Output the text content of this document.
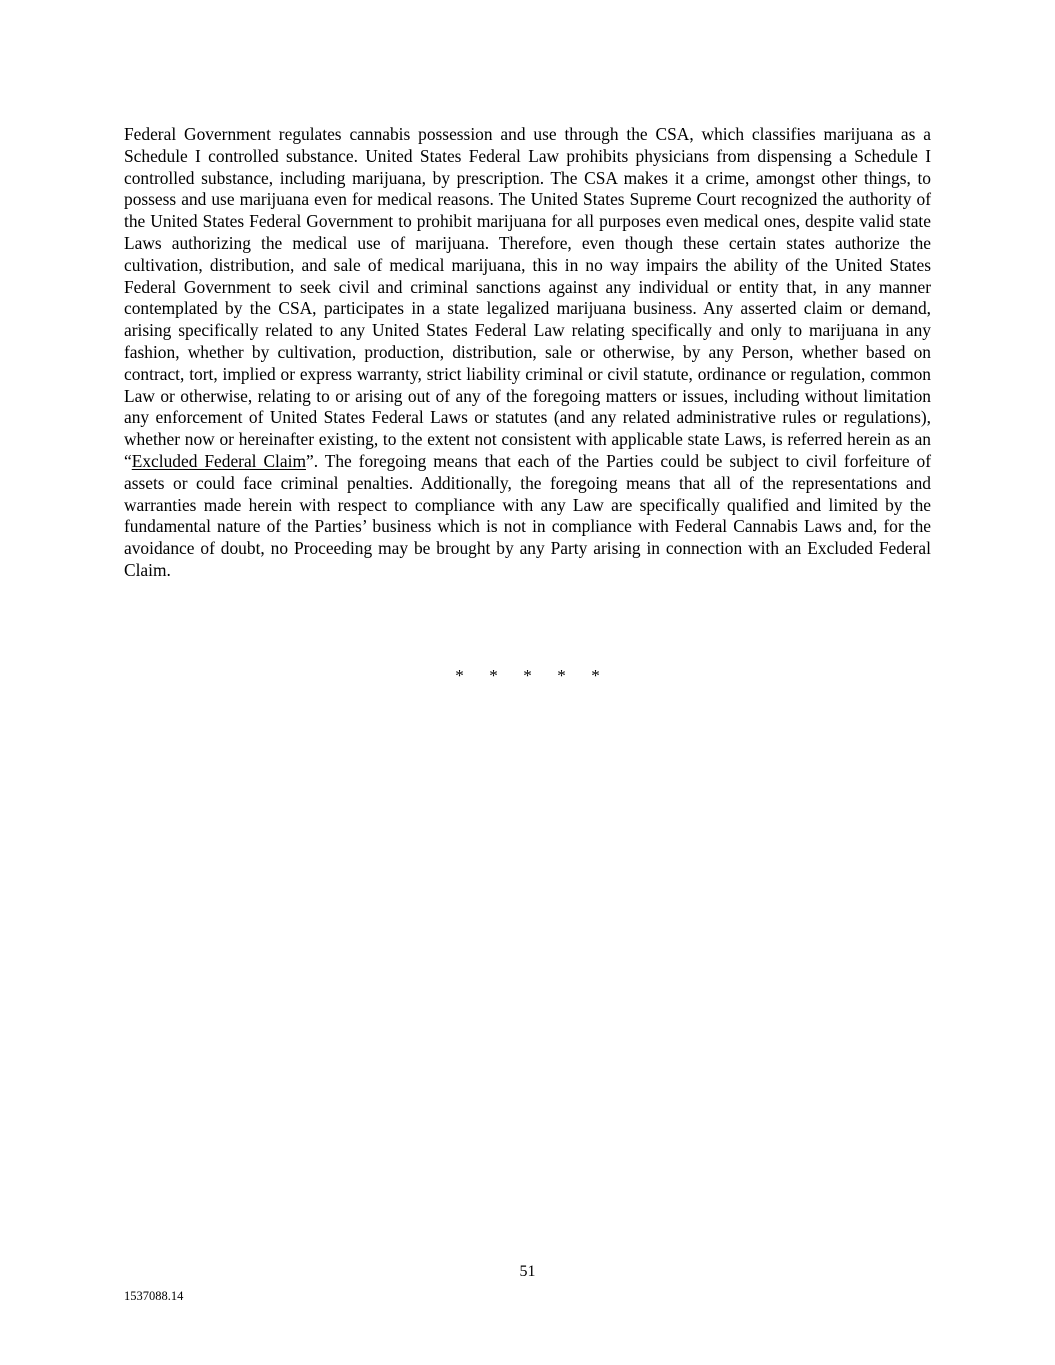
Federal Government regulates cannabis possession and use through the CSA, which classifies marijuana as a Schedule I controlled substance. United States Federal Law prohibits physicians from dispensing a Schedule I controlled substance, including marijuana, by prescription. The CSA makes it a crime, amongst other things, to possess and use marijuana even for medical reasons. The United States Supreme Court recognized the authority of the United States Federal Government to prohibit marijuana for all purposes even medical ones, despite valid state Laws authorizing the medical use of marijuana. Therefore, even though these certain states authorize the cultivation, distribution, and sale of medical marijuana, this in no way impairs the ability of the United States Federal Government to seek civil and criminal sanctions against any individual or entity that, in any manner contemplated by the CSA, participates in a state legalized marijuana business. Any asserted claim or demand, arising specifically related to any United States Federal Law relating specifically and only to marijuana in any fashion, whether by cultivation, production, distribution, sale or otherwise, by any Person, whether based on contract, tort, implied or express warranty, strict liability criminal or civil statute, ordinance or regulation, common Law or otherwise, relating to or arising out of any of the foregoing matters or issues, including without limitation any enforcement of United States Federal Laws or statutes (and any related administrative rules or regulations), whether now or hereinafter existing, to the extent not consistent with applicable state Laws, is referred herein as an “Excluded Federal Claim”. The foregoing means that each of the Parties could be subject to civil forfeiture of assets or could face criminal penalties. Additionally, the foregoing means that all of the representations and warranties made herein with respect to compliance with any Law are specifically qualified and limited by the fundamental nature of the Parties’ business which is not in compliance with Federal Cannabis Laws and, for the avoidance of doubt, no Proceeding may be brought by any Party arising in connection with an Excluded Federal Claim.

* * * * *
51
1537088.14
